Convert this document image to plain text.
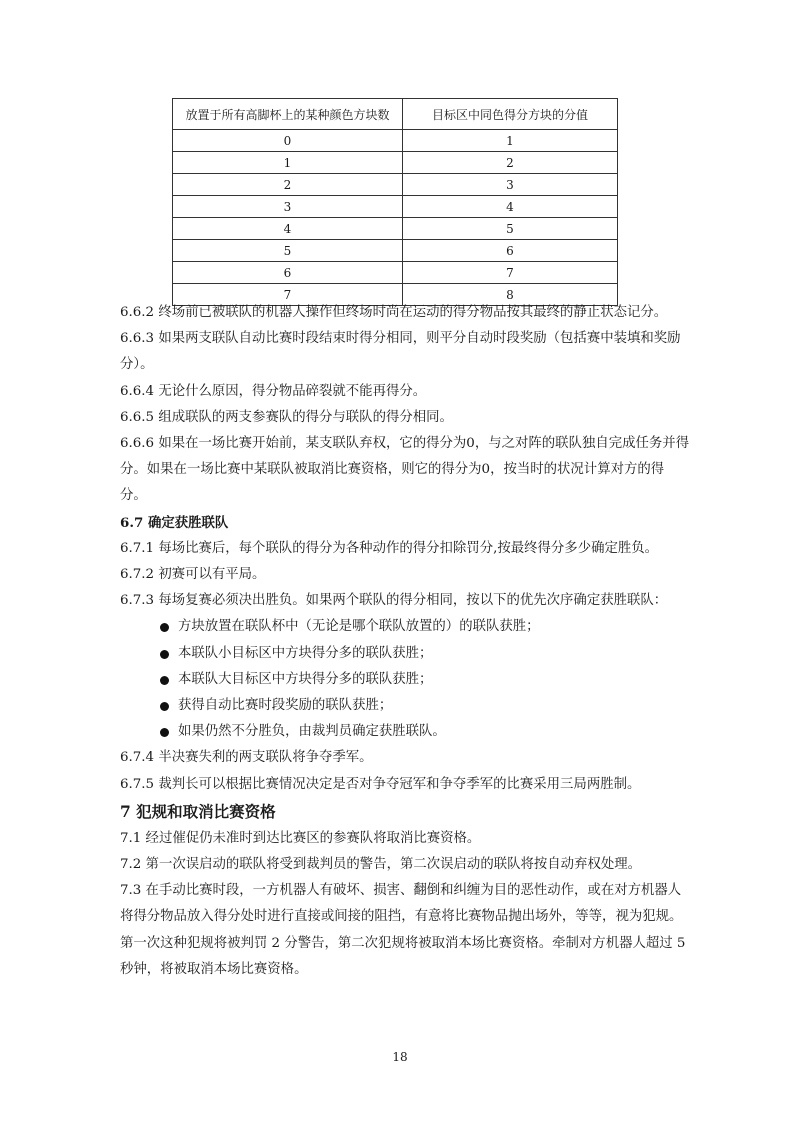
放置于所有高脚杯上的某种颜色方块数	目标区中同色得分方块的分值
0	1
1	2
2	3
3	4
4	5
5	6
6	7
7	8

6.6.2 终场前已被联队的机器人操作但终场时尚在运动的得分物品按其最终的静止状态记分。

6.6.3 如果两支联队自动比赛时段结束时得分相同，则平分自动时段奖励（包括赛中装填和奖励分）。

6.6.4 无论什么原因，得分物品碎裂就不能再得分。

6.6.5 组成联队的两支参赛队的得分与联队的得分相同。

6.6.6 如果在一场比赛开始前，某支联队弃权，它的得分为0，与之对阵的联队独自完成任务并得分。如果在一场比赛中某联队被取消比赛资格，则它的得分为0，按当时的状况计算对方的得分。

6.7 确定获胜联队

6.7.1 每场比赛后，每个联队的得分为各种动作的得分扣除罚分,按最终得分多少确定胜负。

6.7.2 初赛可以有平局。

6.7.3 每场复赛必须决出胜负。如果两个联队的得分相同，按以下的优先次序确定获胜联队：

方块放置在联队杯中（无论是哪个联队放置的）的联队获胜；

本联队小目标区中方块得分多的联队获胜；

本联队大目标区中方块得分多的联队获胜；

获得自动比赛时段奖励的联队获胜；

如果仍然不分胜负，由裁判员确定获胜联队。

6.7.4 半决赛失利的两支联队将争夺季军。

6.7.5 裁判长可以根据比赛情况决定是否对争夺冠军和争夺季军的比赛采用三局两胜制。

7 犯规和取消比赛资格

7.1 经过催促仍未准时到达比赛区的参赛队将取消比赛资格。

7.2 第一次误启动的联队将受到裁判员的警告，第二次误启动的联队将按自动弃权处理。

7.3 在手动比赛时段，一方机器人有破坏、损害、翻倒和纠缠为目的恶性动作，或在对方机器人将得分物品放入得分处时进行直接或间接的阻挡，有意将比赛物品抛出场外，等等，视为犯规。第一次这种犯规将被判罚 2 分警告，第二次犯规将被取消本场比赛资格。牵制对方机器人超过 5 秒钟，将被取消本场比赛资格。

18
